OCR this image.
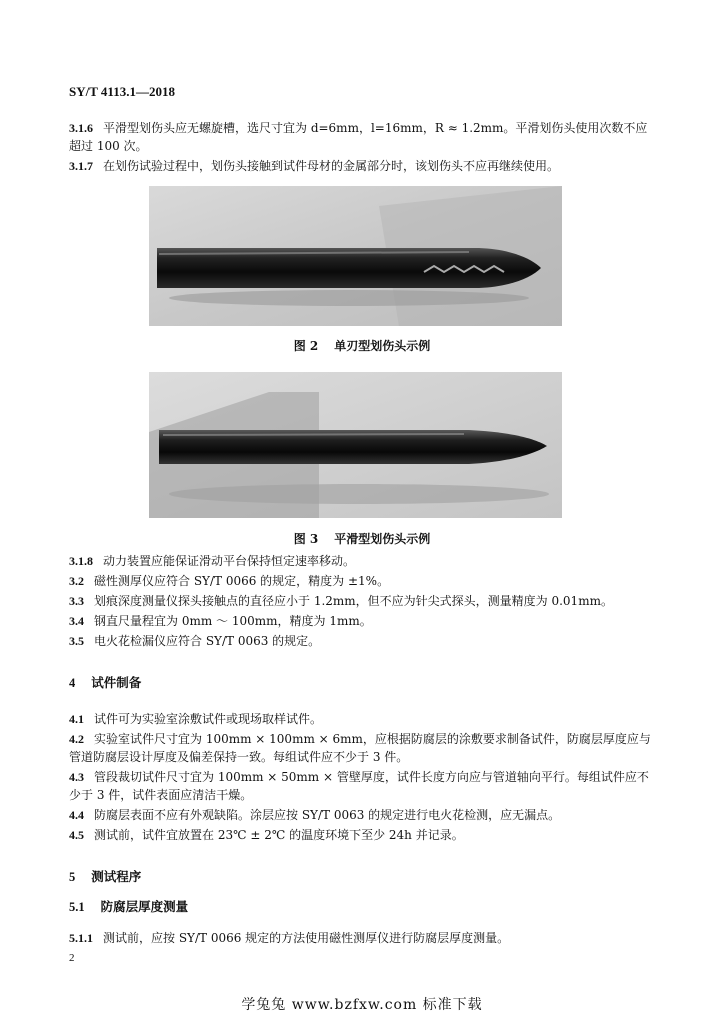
SY/T 4113.1—2018

3.1.6 平滑型划伤头应无螺旋槽，选尺寸宜为 d=6mm，l=16mm，R ≈ 1.2mm。平滑划伤头使用次数不应超过 100 次。

3.1.7 在划伤试验过程中，划伤头接触到试件母材的金属部分时，该划伤头不应再继续使用。

图 2 单刃型划伤头示例
图 3 平滑型划伤头示例

3.1.8 动力装置应能保证滑动平台保持恒定速率移动。

3.2 磁性测厚仪应符合 SY/T 0066 的规定，精度为 ±1%。

3.3 划痕深度测量仪探头接触点的直径应小于 1.2mm，但不应为针尖式探头，测量精度为 0.01mm。

3.4 钢直尺量程宜为 0mm ～ 100mm，精度为 1mm。

3.5 电火花检漏仪应符合 SY/T 0063 的规定。

4 试件制备

4.1 试件可为实验室涂敷试件或现场取样试件。

4.2 实验室试件尺寸宜为 100mm × 100mm × 6mm，应根据防腐层的涂敷要求制备试件，防腐层厚度应与管道防腐层设计厚度及偏差保持一致。每组试件应不少于 3 件。

4.3 管段裁切试件尺寸宜为 100mm × 50mm × 管壁厚度，试件长度方向应与管道轴向平行。每组试件应不少于 3 件，试件表面应清洁干燥。

4.4 防腐层表面不应有外观缺陷。涂层应按 SY/T 0063 的规定进行电火花检测，应无漏点。

4.5 测试前，试件宜放置在 23℃ ± 2℃ 的温度环境下至少 24h 并记录。

5 测试程序

5.1 防腐层厚度测量

5.1.1 测试前，应按 SY/T 0066 规定的方法使用磁性测厚仪进行防腐层厚度测量。

2
学兔兔 www.bzfxw.com 标准下载
